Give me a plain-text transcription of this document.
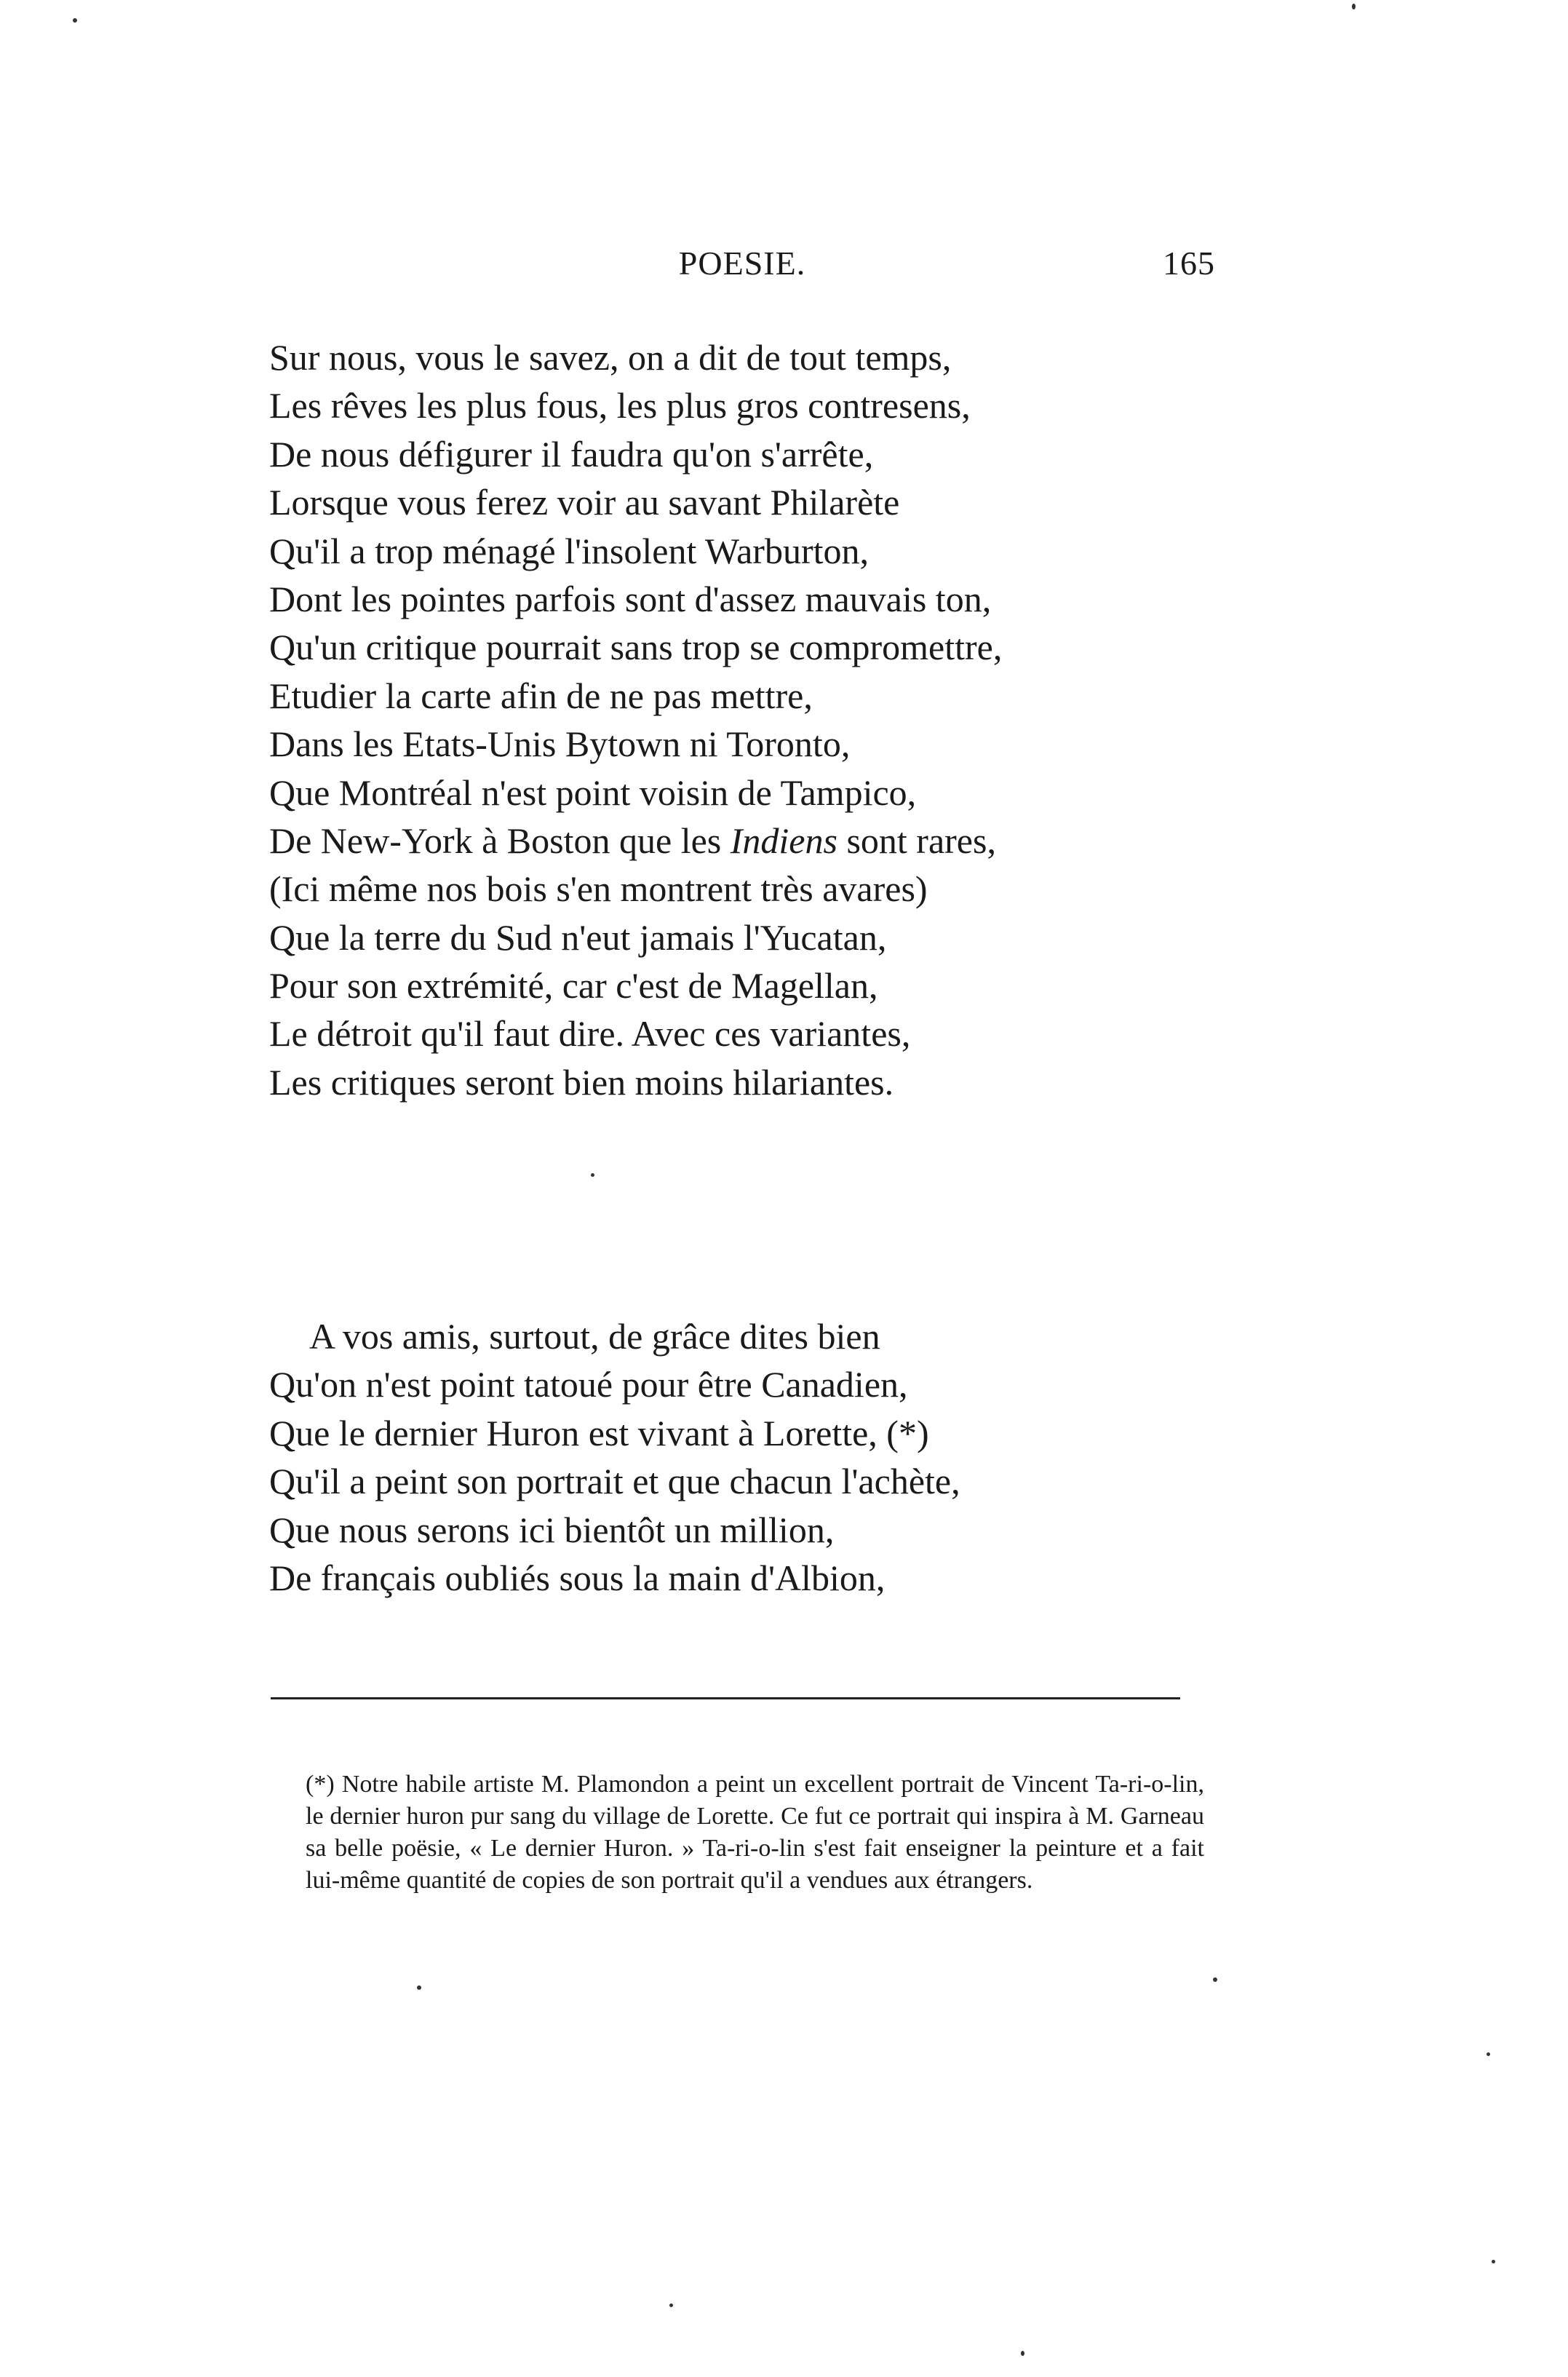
POESIE.	165
Sur nous, vous le savez, on a dit de tout temps,
Les rêves les plus fous, les plus gros contresens,
De nous défigurer il faudra qu'on s'arrête,
Lorsque vous ferez voir au savant Philarète
Qu'il a trop ménagé l'insolent Warburton,
Dont les pointes parfois sont d'assez mauvais ton,
Qu'un critique pourrait sans trop se compromettre,
Etudier la carte afin de ne pas mettre,
Dans les Etats-Unis Bytown ni Toronto,
Que Montréal n'est point voisin de Tampico,
De New-York à Boston que les Indiens sont rares,
(Ici même nos bois s'en montrent très avares)
Que la terre du Sud n'eut jamais l'Yucatan,
Pour son extrémité, car c'est de Magellan,
Le détroit qu'il faut dire. Avec ces variantes,
Les critiques seront bien moins hilariantes.
A vos amis, surtout, de grâce dites bien
Qu'on n'est point tatoué pour être Canadien,
Que le dernier Huron est vivant à Lorette, (*)
Qu'il a peint son portrait et que chacun l'achète,
Que nous serons ici bientôt un million,
De français oubliés sous la main d'Albion,
(*) Notre habile artiste M. Plamondon a peint un excellent portrait de Vincent Ta-ri-o-lin, le dernier huron pur sang du village de Lorette. Ce fut ce portrait qui inspira à M. Garneau sa belle poësie, « Le dernier Huron. » Ta-ri-o-lin s'est fait enseigner la peinture et a fait lui-même quantité de copies de son portrait qu'il a vendues aux étrangers.
